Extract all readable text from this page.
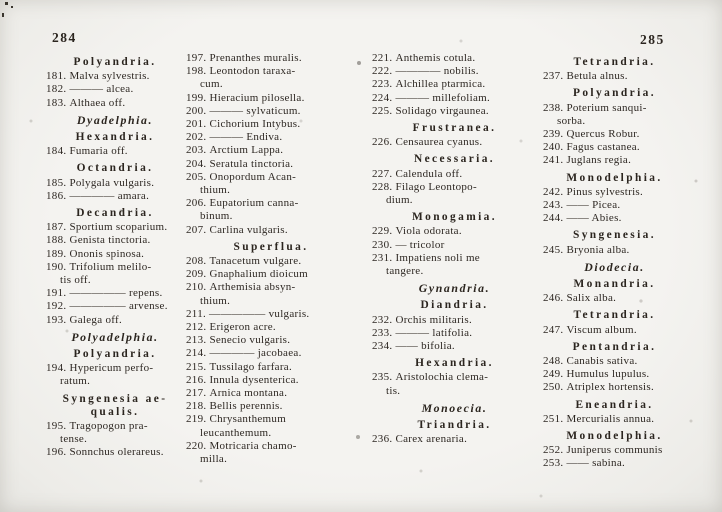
284	285
Polyandria.
181. Malva sylvestris.
182. ——— alcea.
183. Althaea off.
Dyadelphia.
Hexandria.
184. Fumaria off.
Octandria.
185. Polygala vulgaris.
186. ———— amara.
Decandria.
187. Sportium scoparium.
188. Genista tinctoria.
189. Ononis spinosa.
190. Trifolium melilo-
tis off.
191. ————— repens.
192. ————— arvense.
193. Galega off.
Polyadelphia.
Polyandria.
194. Hypericum perfo-
ratum.
Syngenesia ae-
qualis.
195. Tragopogon pra-
tense.
196. Sonnchus olerareus.
197. Prenanthes muralis.
198. Leontodon taraxa-
cum.
199. Hieracium pilosella.
200. ——— sylvaticum.
201. Cichorium Intybus.
202. ——— Endiva.
203. Arctium Lappa.
204. Seratula tinctoria.
205. Onopordum Acan-
thium.
206. Eupatorium canna-
binum.
207. Carlina vulgaris.
Superflua.
208. Tanacetum vulgare.
209. Gnaphalium dioicum
210. Arthemisia absyn-
thium.
211. ————— vulgaris.
212. Erigeron acre.
213. Senecio vulgaris.
214. ———— jacobaea.
215. Tussilago farfara.
216. Innula dysenterica.
217. Arnica montana.
218. Bellis perennis.
219. Chrysanthemum
leucanthemum.
220. Motricaria chamo-
milla.
221. Anthemis cotula.
222. ———— nobilis.
223. Alchillea ptarmica.
224. ——— millefoliam.
225. Solidago virgaunea.
Frustranea.
226. Censaurea cyanus.
Necessaria.
227. Calendula off.
228. Filago Leontopo-
dium.
Monogamia.
229. Viola odorata.
230. — tricolor
231. Impatiens noli me
tangere.
Gynandria.
Diandria.
232. Orchis militaris.
233. ——— latifolia.
234. —— bifolia.
Hexandria.
235. Aristolochia clema-
tis.
Monoecia.
Triandria.
236. Carex arenaria.
Tetrandria.
237. Betula alnus.
Polyandria.
238. Poterium sanqui-
sorba.
239. Quercus Robur.
240. Fagus castanea.
241. Juglans regia.
Monodelphia.
242. Pinus sylvestris.
243. —— Picea.
244. —— Abies.
Syngenesia.
245. Bryonia alba.
Diodecia.
Monandria.
246. Salix alba.
Tetrandria.
247. Viscum album.
Pentandria.
248. Canabis sativa.
249. Humulus lupulus.
250. Atriplex hortensis.
Eneandria.
251. Mercurialis annua.
Monodelphia.
252. Juniperus communis
253. —— sabina.
